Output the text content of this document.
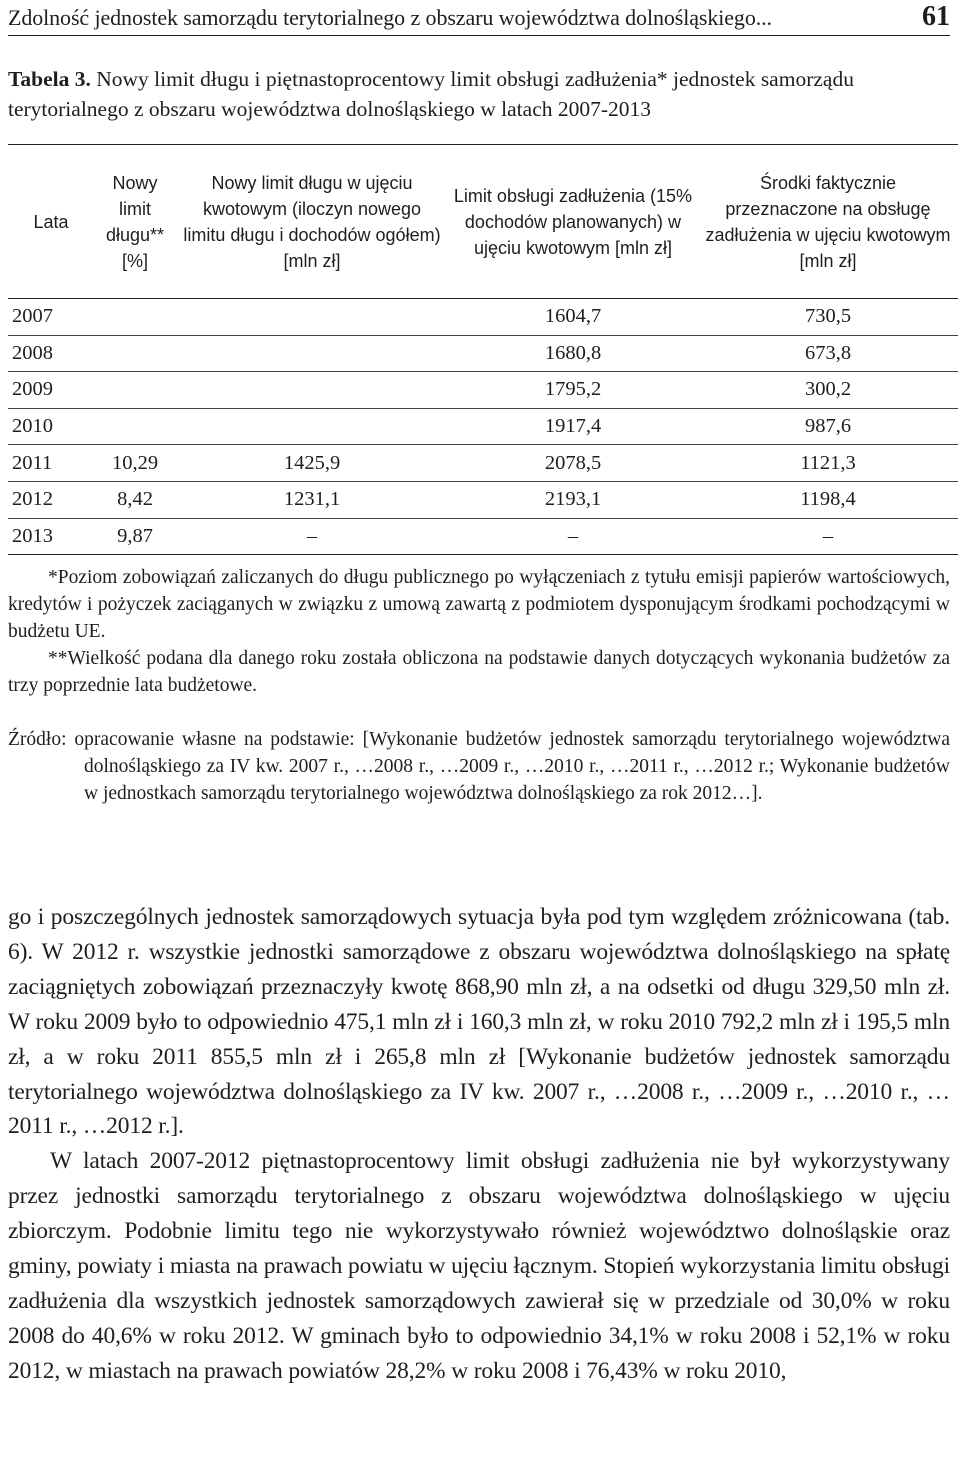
Zdolność jednostek samorządu terytorialnego z obszaru województwa dolnośląskiego...	61
Tabela 3. Nowy limit długu i piętnastoprocentowy limit obsługi zadłużenia* jednostek samorządu terytorialnego z obszaru województwa dolnośląskiego w latach 2007-2013
Lata	Nowy limit długu** [%]	Nowy limit długu w ujęciu kwotowym (iloczyn nowego limitu długu i dochodów ogółem) [mln zł]	Limit obsługi zadłużenia (15% dochodów planowanych) w ujęciu kwotowym [mln zł]	Środki faktycznie przeznaczone na obsługę zadłużenia w ujęciu kwotowym [mln zł]
2007			1604,7	730,5
2008			1680,8	673,8
2009			1795,2	300,2
2010			1917,4	987,6
2011	10,29	1425,9	2078,5	1121,3
2012	8,42	1231,1	2193,1	1198,4
2013	9,87	–	–	–

*Poziom zobowiązań zaliczanych do długu publicznego po wyłączeniach z tytułu emisji papierów wartościowych, kredytów i pożyczek zaciąganych w związku z umową zawartą z podmiotem dysponującym środkami pochodzącymi w budżetu UE.

**Wielkość podana dla danego roku została obliczona na podstawie danych dotyczących wykonania budżetów za trzy poprzednie lata budżetowe.

Źródło: opracowanie własne na podstawie: [Wykonanie budżetów jednostek samorządu terytorialnego województwa dolnośląskiego za IV kw. 2007 r., …2008 r., …2009 r., …2010 r., …2011 r., …2012 r.; Wykonanie budżetów w jednostkach samorządu terytorialnego województwa dolnośląskiego za rok 2012…].

go i poszczególnych jednostek samorządowych sytuacja była pod tym względem zróżnicowana (tab. 6). W 2012 r. wszystkie jednostki samorządowe z obszaru województwa dolnośląskiego na spłatę zaciągniętych zobowiązań przeznaczyły kwotę 868,90 mln zł, a na odsetki od długu 329,50 mln zł. W roku 2009 było to odpowiednio 475,1 mln zł i 160,3 mln zł, w roku 2010 792,2 mln zł i 195,5 mln zł, a w roku 2011 855,5 mln zł i 265,8 mln zł [Wykonanie budżetów jednostek samorządu terytorialnego województwa dolnośląskiego za IV kw. 2007 r., …2008 r., …2009 r., …2010 r., …2011 r., …2012 r.].

W latach 2007-2012 piętnastoprocentowy limit obsługi zadłużenia nie był wykorzystywany przez jednostki samorządu terytorialnego z obszaru województwa dolnośląskiego w ujęciu zbiorczym. Podobnie limitu tego nie wykorzystywało również województwo dolnośląskie oraz gminy, powiaty i miasta na prawach powiatu w ujęciu łącznym. Stopień wykorzystania limitu obsługi zadłużenia dla wszystkich jednostek samorządowych zawierał się w przedziale od 30,0% w roku 2008 do 40,6% w roku 2012. W gminach było to odpowiednio 34,1% w roku 2008 i 52,1% w roku 2012, w miastach na prawach powiatów 28,2% w roku 2008 i 76,43% w roku 2010,
